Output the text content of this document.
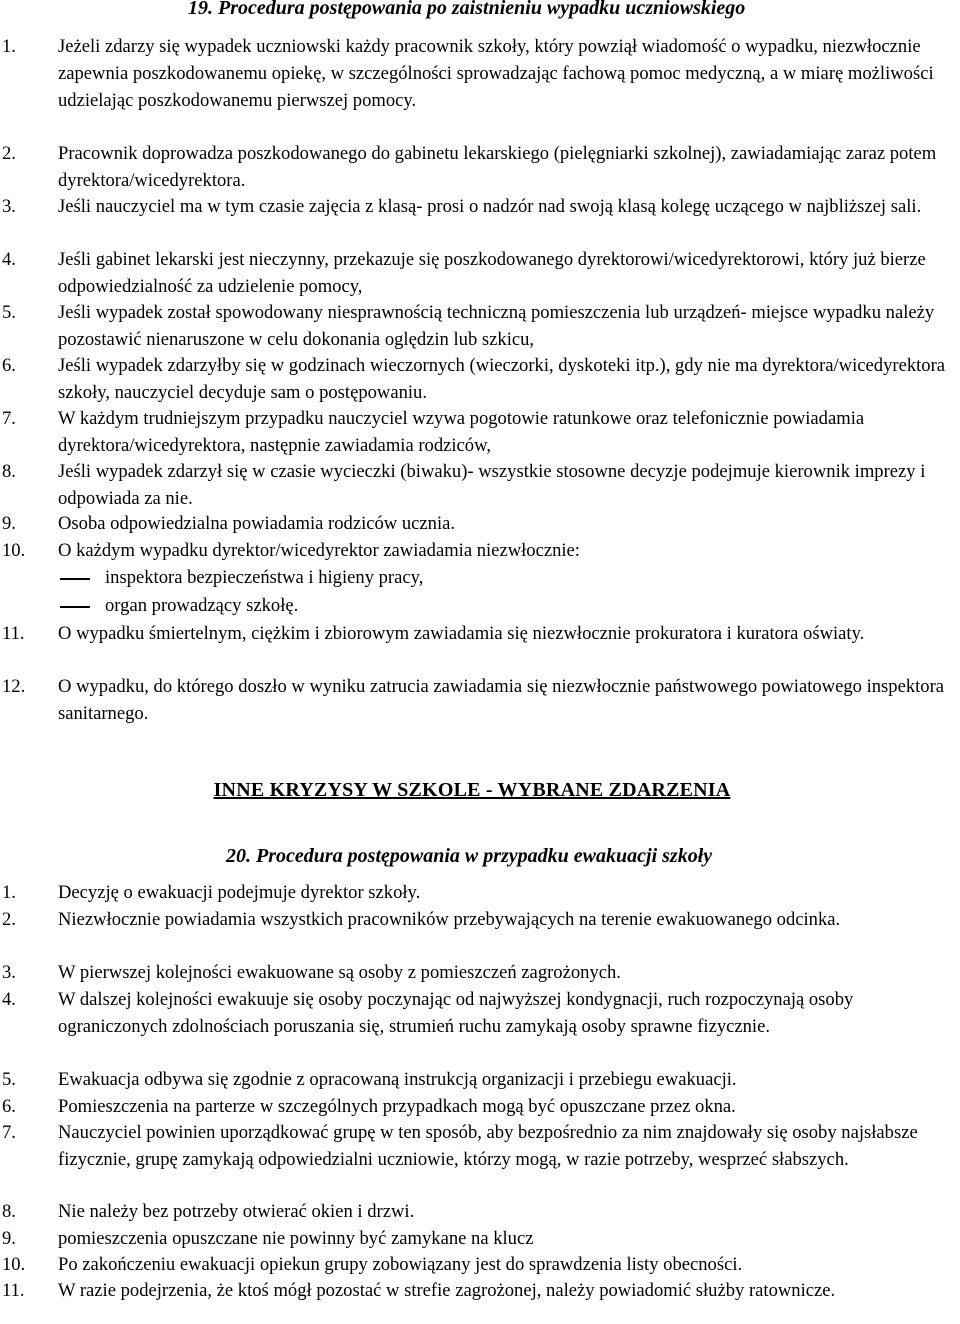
19. Procedura postępowania po zaistnieniu wypadku uczniowskiego
1.	Jeżeli zdarzy się wypadek uczniowski każdy pracownik szkoły, który powziął wiadomość o wypadku, niezwłocznie zapewnia poszkodowanemu opiekę, w szczególności sprowadzając fachową pomoc medyczną, a w miarę możliwości udzielając poszkodowanemu pierwszej pomocy.
2.	Pracownik doprowadza poszkodowanego do gabinetu lekarskiego (pielęgniarki szkolnej), zawiadamiając zaraz potem dyrektora/wicedyrektora.
3.	Jeśli nauczyciel ma w tym czasie zajęcia z klasą- prosi o nadzór nad swoją klasą kolegę uczącego w najbliższej sali.
4.	Jeśli gabinet lekarski jest nieczynny, przekazuje się poszkodowanego dyrektorowi/wicedyrektorowi, który już bierze odpowiedzialność za udzielenie pomocy,
5.	Jeśli wypadek został spowodowany niesprawnością techniczną pomieszczenia lub urządzeń- miejsce wypadku należy pozostawić nienaruszone w celu dokonania oględzin lub szkicu,
6.	Jeśli wypadek zdarzyłby się w godzinach wieczornych (wieczorki, dyskoteki itp.), gdy nie ma dyrektora/wicedyrektora szkoły, nauczyciel decyduje sam o postępowaniu.
7.	W każdym trudniejszym przypadku nauczyciel wzywa pogotowie ratunkowe oraz telefonicznie powiadamia dyrektora/wicedyrektora, następnie zawiadamia rodziców,
8.	Jeśli wypadek zdarzył się w czasie wycieczki (biwaku)- wszystkie stosowne decyzje podejmuje kierownik imprezy i odpowiada za nie.
9.	Osoba odpowiedzialna powiadamia rodziców ucznia.
10.	O każdym wypadku dyrektor/wicedyrektor zawiadamia niezwłocznie:
inspektora bezpieczeństwa i higieny pracy,
organ prowadzący szkołę.
11.	O wypadku śmiertelnym, ciężkim i zbiorowym zawiadamia się niezwłocznie prokuratora i kuratora oświaty.
12.	O wypadku, do którego doszło w wyniku zatrucia zawiadamia się niezwłocznie państwowego powiatowego inspektora sanitarnego.
INNE KRYZYSY W SZKOLE - WYBRANE ZDARZENIA
20. Procedura postępowania w przypadku ewakuacji szkoły
1.	Decyzję o ewakuacji podejmuje dyrektor szkoły.
2.	Niezwłocznie powiadamia wszystkich pracowników przebywających na terenie ewakuowanego odcinka.
3.	W pierwszej kolejności ewakuowane są osoby z pomieszczeń zagrożonych.
4.	W dalszej kolejności ewakuuje się osoby poczynając od najwyższej kondygnacji, ruch rozpoczynają osoby ograniczonych zdolnościach poruszania się, strumień ruchu zamykają osoby sprawne fizycznie.
5.	Ewakuacja odbywa się zgodnie z opracowaną instrukcją organizacji i przebiegu ewakuacji.
6.	Pomieszczenia na parterze w szczególnych przypadkach mogą być opuszczane przez okna.
7.	Nauczyciel powinien uporządkować grupę w ten sposób, aby bezpośrednio za nim znajdowały się osoby najsłabsze fizycznie, grupę zamykają odpowiedzialni uczniowie, którzy mogą, w razie potrzeby, wesprzeć słabszych.
8.	Nie należy bez potrzeby otwierać okien i drzwi.
9.	pomieszczenia opuszczane nie powinny być zamykane na klucz
10.	Po zakończeniu ewakuacji opiekun grupy zobowiązany jest do sprawdzenia listy obecności.
11.	W razie podejrzenia, że ktoś mógł pozostać w strefie zagrożonej, należy powiadomić służby ratownicze.
